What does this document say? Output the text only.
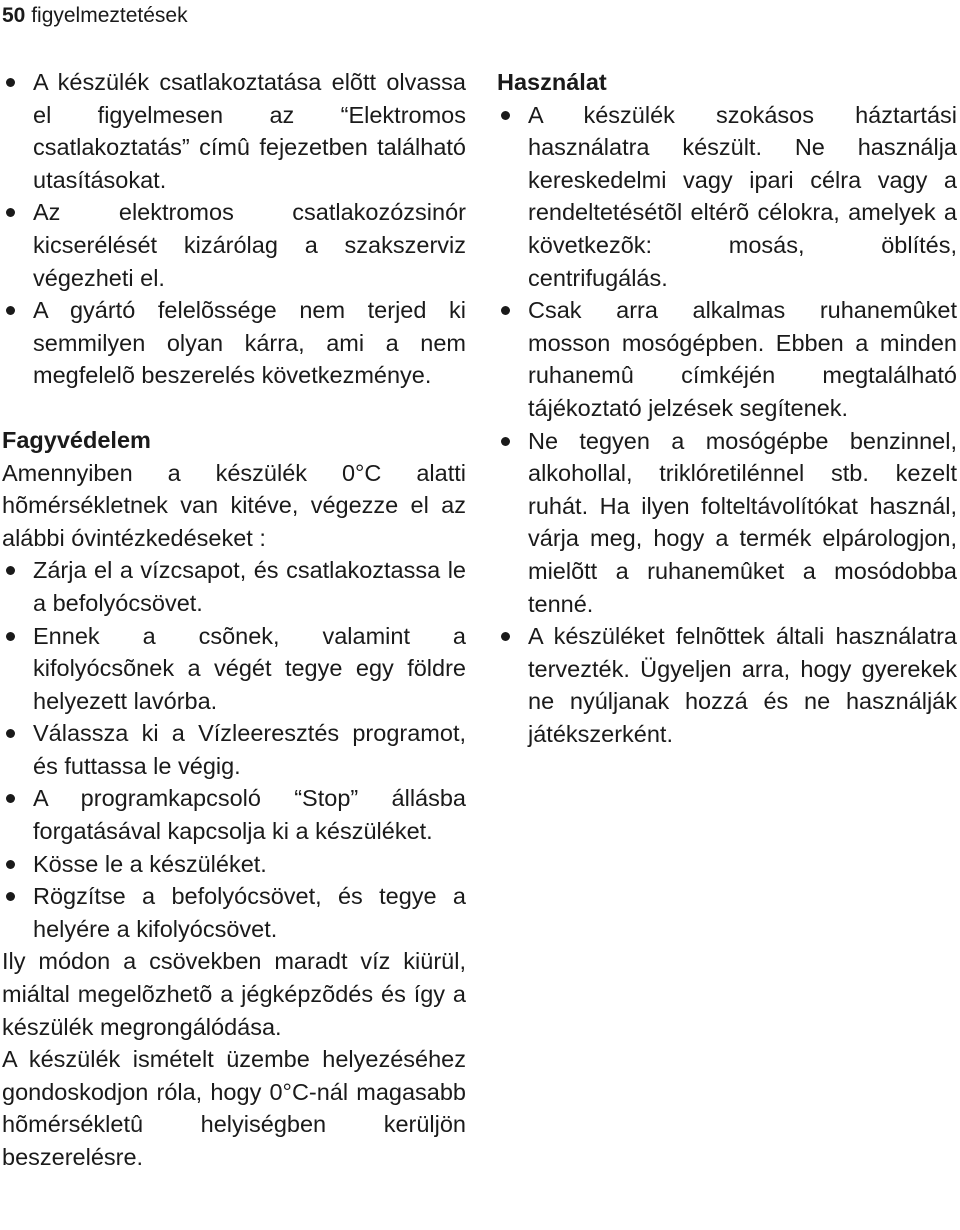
50 figyelmeztetések
A készülék csatlakoztatása elõtt olvassa el figyelmesen az “Elektromos csatlakoztatás” címû fejezetben található utasításokat.
Az elektromos csatlakozózsinór kicserélését kizárólag a szakszerviz végezheti el.
A gyártó felelõssége nem terjed ki semmilyen olyan kárra, ami a nem megfelelõ beszerelés következménye.
Fagyvédelem

Amennyiben a készülék 0°C alatti hõmérsékletnek van kitéve, végezze el az alábbi óvintézkedéseket :

Zárja el a vízcsapot, és csatlakoztassa le a befolyócsövet.
Ennek a csõnek, valamint a kifolyócsõnek a végét tegye egy földre helyezett lavórba.
Válassza ki a Vízleeresztés programot, és futtassa le végig.
A programkapcsoló “Stop” állásba forgatásával kapcsolja ki a készüléket.
Kösse le a készüléket.
Rögzítse a befolyócsövet, és tegye a helyére a kifolyócsövet.

Ily módon a csövekben maradt víz kiürül, miáltal megelõzhetõ a jégképzõdés és így a készülék megrongálódása.

A készülék ismételt üzembe helyezéséhez gondoskodjon róla, hogy 0°C-nál magasabb hõmérsékletû helyiségben kerüljön beszerelésre.

Használat
A készülék szokásos háztartási használatra készült. Ne használja kereskedelmi vagy ipari célra vagy a rendeltetésétõl eltérõ célokra, amelyek a következõk: mosás, öblítés, centrifugálás.
Csak arra alkalmas ruhanemûket mosson mosógépben. Ebben a minden ruhanemû címkéjén megtalálható tájékoztató jelzések segítenek.
Ne tegyen a mosógépbe benzinnel, alkohollal, triklóretilénnel stb. kezelt ruhát. Ha ilyen folteltávolítókat használ, várja meg, hogy a termék elpárologjon, mielõtt a ruhanemûket a mosódobba tenné.
A készüléket felnõttek általi használatra tervezték. Ügyeljen arra, hogy gyerekek ne nyúljanak hozzá és ne használják játékszerként.
